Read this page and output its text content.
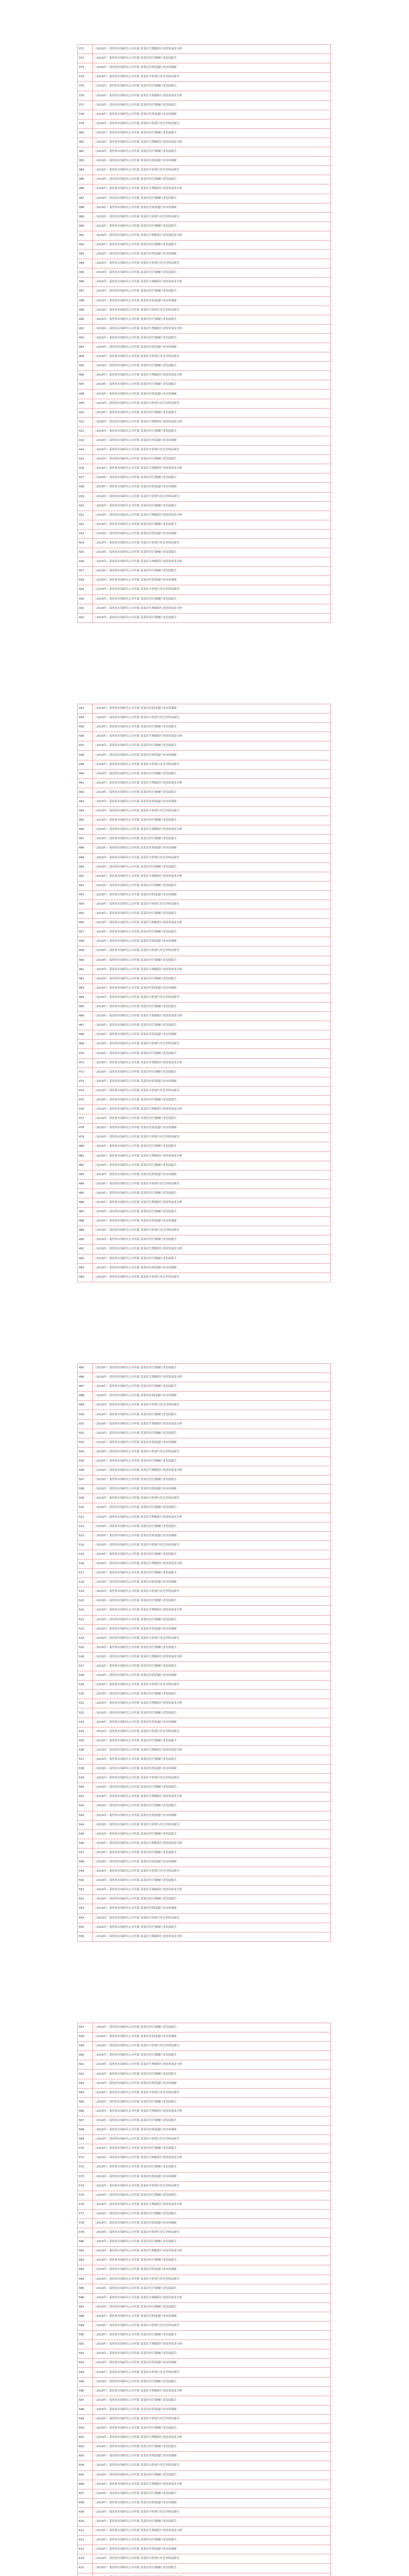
371	（2019年）某医药市场研究公司年报 某某区生物制药行业投资前景分析
372	（2019年）某医药市场研究公司年报 某某区医疗器械行业发展报告
373	（2019年）某医药市场研究公司年报 某某区医药流通行业市场调研
374	（2019年）某医药市场研究公司年报 某某区中药材行业竞争格局研究
375	（2019年）某医药市场研究公司年报 某某区医疗器械行业发展报告
376	（2019年）某医药市场研究公司年报 某某区生物制药行业投资前景分析
377	（2019年）某医药市场研究公司年报 某某区医疗器械行业发展报告
378	（2019年）某医药市场研究公司年报 某某区医药流通行业市场调研
379	（2019年）某医药市场研究公司年报 某某区中药材行业竞争格局研究
380	（2019年）某医药市场研究公司年报 某某区医疗器械行业发展报告
381	（2019年）某医药市场研究公司年报 某某区生物制药行业投资前景分析
382	（2019年）某医药市场研究公司年报 某某区医疗器械行业发展报告
383	（2019年）某医药市场研究公司年报 某某区医药流通行业市场调研
384	（2019年）某医药市场研究公司年报 某某区中药材行业竞争格局研究
385	（2019年）某医药市场研究公司年报 某某区医疗器械行业发展报告
386	（2019年）某医药市场研究公司年报 某某区生物制药行业投资前景分析
387	（2019年）某医药市场研究公司年报 某某区医疗器械行业发展报告
388	（2019年）某医药市场研究公司年报 某某区医药流通行业市场调研
389	（2019年）某医药市场研究公司年报 某某区中药材行业竞争格局研究
390	（2019年）某医药市场研究公司年报 某某区医疗器械行业发展报告
391	（2019年）某医药市场研究公司年报 某某区生物制药行业投资前景分析
392	（2019年）某医药市场研究公司年报 某某区医疗器械行业发展报告
393	（2019年）某医药市场研究公司年报 某某区医药流通行业市场调研
394	（2019年）某医药市场研究公司年报 某某区中药材行业竞争格局研究
395	（2019年）某医药市场研究公司年报 某某区医疗器械行业发展报告
396	（2019年）某医药市场研究公司年报 某某区生物制药行业投资前景分析
397	（2019年）某医药市场研究公司年报 某某区医疗器械行业发展报告
398	（2019年）某医药市场研究公司年报 某某区医药流通行业市场调研
399	（2019年）某医药市场研究公司年报 某某区中药材行业竞争格局研究
400	（2019年）某医药市场研究公司年报 某某区医疗器械行业发展报告
401	（2019年）某医药市场研究公司年报 某某区生物制药行业投资前景分析
402	（2019年）某医药市场研究公司年报 某某区医疗器械行业发展报告
403	（2019年）某医药市场研究公司年报 某某区医药流通行业市场调研
404	（2019年）某医药市场研究公司年报 某某区中药材行业竞争格局研究
405	（2019年）某医药市场研究公司年报 某某区医疗器械行业发展报告
406	（2019年）某医药市场研究公司年报 某某区生物制药行业投资前景分析
407	（2019年）某医药市场研究公司年报 某某区医疗器械行业发展报告
408	（2019年）某医药市场研究公司年报 某某区医药流通行业市场调研
409	（2019年）某医药市场研究公司年报 某某区中药材行业竞争格局研究
410	（2019年）某医药市场研究公司年报 某某区医疗器械行业发展报告
411	（2019年）某医药市场研究公司年报 某某区生物制药行业投资前景分析
412	（2019年）某医药市场研究公司年报 某某区医疗器械行业发展报告
413	（2019年）某医药市场研究公司年报 某某区医药流通行业市场调研
414	（2019年）某医药市场研究公司年报 某某区中药材行业竞争格局研究
415	（2019年）某医药市场研究公司年报 某某区医疗器械行业发展报告
416	（2019年）某医药市场研究公司年报 某某区生物制药行业投资前景分析
417	（2019年）某医药市场研究公司年报 某某区医疗器械行业发展报告
418	（2019年）某医药市场研究公司年报 某某区医药流通行业市场调研
419	（2019年）某医药市场研究公司年报 某某区中药材行业竞争格局研究
420	（2019年）某医药市场研究公司年报 某某区医疗器械行业发展报告
421	（2019年）某医药市场研究公司年报 某某区生物制药行业投资前景分析
422	（2019年）某医药市场研究公司年报 某某区医疗器械行业发展报告
423	（2019年）某医药市场研究公司年报 某某区医药流通行业市场调研
424	（2019年）某医药市场研究公司年报 某某区中药材行业竞争格局研究
425	（2019年）某医药市场研究公司年报 某某区医疗器械行业发展报告
426	（2019年）某医药市场研究公司年报 某某区生物制药行业投资前景分析
427	（2019年）某医药市场研究公司年报 某某区医疗器械行业发展报告
428	（2019年）某医药市场研究公司年报 某某区医药流通行业市场调研
429	（2019年）某医药市场研究公司年报 某某区中药材行业竞争格局研究
430	（2019年）某医药市场研究公司年报 某某区医疗器械行业发展报告
431	（2019年）某医药市场研究公司年报 某某区生物制药行业投资前景分析
432	（2019年）某医药市场研究公司年报 某某区医疗器械行业发展报告
433	（2019年）某医药市场研究公司年报 某某区医药流通行业市场调研
434	（2019年）某医药市场研究公司年报 某某区中药材行业竞争格局研究
435	（2019年）某医药市场研究公司年报 某某区医疗器械行业发展报告
436	（2019年）某医药市场研究公司年报 某某区生物制药行业投资前景分析
437	（2019年）某医药市场研究公司年报 某某区医疗器械行业发展报告
438	（2019年）某医药市场研究公司年报 某某区医药流通行业市场调研
439	（2019年）某医药市场研究公司年报 某某区中药材行业竞争格局研究
440	（2019年）某医药市场研究公司年报 某某区医疗器械行业发展报告
441	（2019年）某医药市场研究公司年报 某某区生物制药行业投资前景分析
442	（2019年）某医药市场研究公司年报 某某区医疗器械行业发展报告
443	（2019年）某医药市场研究公司年报 某某区医药流通行业市场调研
444	（2019年）某医药市场研究公司年报 某某区中药材行业竞争格局研究
445	（2019年）某医药市场研究公司年报 某某区医疗器械行业发展报告
446	（2019年）某医药市场研究公司年报 某某区生物制药行业投资前景分析
447	（2019年）某医药市场研究公司年报 某某区医疗器械行业发展报告
448	（2019年）某医药市场研究公司年报 某某区医药流通行业市场调研
449	（2019年）某医药市场研究公司年报 某某区中药材行业竞争格局研究
450	（2019年）某医药市场研究公司年报 某某区医疗器械行业发展报告
451	（2019年）某医药市场研究公司年报 某某区生物制药行业投资前景分析
452	（2019年）某医药市场研究公司年报 某某区医疗器械行业发展报告
453	（2019年）某医药市场研究公司年报 某某区医药流通行业市场调研
454	（2019年）某医药市场研究公司年报 某某区中药材行业竞争格局研究
455	（2019年）某医药市场研究公司年报 某某区医疗器械行业发展报告
456	（2019年）某医药市场研究公司年报 某某区生物制药行业投资前景分析
457	（2019年）某医药市场研究公司年报 某某区医疗器械行业发展报告
458	（2019年）某医药市场研究公司年报 某某区医药流通行业市场调研
459	（2019年）某医药市场研究公司年报 某某区中药材行业竞争格局研究
460	（2019年）某医药市场研究公司年报 某某区医疗器械行业发展报告
461	（2019年）某医药市场研究公司年报 某某区生物制药行业投资前景分析
462	（2019年）某医药市场研究公司年报 某某区医疗器械行业发展报告
463	（2019年）某医药市场研究公司年报 某某区医药流通行业市场调研
464	（2019年）某医药市场研究公司年报 某某区中药材行业竞争格局研究
465	（2019年）某医药市场研究公司年报 某某区医疗器械行业发展报告
466	（2019年）某医药市场研究公司年报 某某区生物制药行业投资前景分析
467	（2019年）某医药市场研究公司年报 某某区医疗器械行业发展报告
468	（2019年）某医药市场研究公司年报 某某区医药流通行业市场调研
469	（2019年）某医药市场研究公司年报 某某区中药材行业竞争格局研究
470	（2019年）某医药市场研究公司年报 某某区医疗器械行业发展报告
471	（2019年）某医药市场研究公司年报 某某区生物制药行业投资前景分析
472	（2019年）某医药市场研究公司年报 某某区医疗器械行业发展报告
473	（2019年）某医药市场研究公司年报 某某区医药流通行业市场调研
474	（2019年）某医药市场研究公司年报 某某区中药材行业竞争格局研究
475	（2019年）某医药市场研究公司年报 某某区医疗器械行业发展报告
476	（2019年）某医药市场研究公司年报 某某区生物制药行业投资前景分析
477	（2019年）某医药市场研究公司年报 某某区医疗器械行业发展报告
478	（2019年）某医药市场研究公司年报 某某区医药流通行业市场调研
479	（2019年）某医药市场研究公司年报 某某区中药材行业竞争格局研究
480	（2019年）某医药市场研究公司年报 某某区医疗器械行业发展报告
481	（2019年）某医药市场研究公司年报 某某区生物制药行业投资前景分析
482	（2019年）某医药市场研究公司年报 某某区医疗器械行业发展报告
483	（2019年）某医药市场研究公司年报 某某区医药流通行业市场调研
484	（2019年）某医药市场研究公司年报 某某区中药材行业竞争格局研究
485	（2019年）某医药市场研究公司年报 某某区医疗器械行业发展报告
486	（2019年）某医药市场研究公司年报 某某区生物制药行业投资前景分析
487	（2019年）某医药市场研究公司年报 某某区医疗器械行业发展报告
488	（2019年）某医药市场研究公司年报 某某区医药流通行业市场调研
489	（2019年）某医药市场研究公司年报 某某区中药材行业竞争格局研究
490	（2019年）某医药市场研究公司年报 某某区医疗器械行业发展报告
491	（2019年）某医药市场研究公司年报 某某区生物制药行业投资前景分析
492	（2019年）某医药市场研究公司年报 某某区医疗器械行业发展报告
493	（2019年）某医药市场研究公司年报 某某区医药流通行业市场调研
494	（2019年）某医药市场研究公司年报 某某区中药材行业竞争格局研究
495	（2019年）某医药市场研究公司年报 某某区医疗器械行业发展报告
496	（2019年）某医药市场研究公司年报 某某区生物制药行业投资前景分析
497	（2019年）某医药市场研究公司年报 某某区医疗器械行业发展报告
498	（2019年）某医药市场研究公司年报 某某区医药流通行业市场调研
499	（2019年）某医药市场研究公司年报 某某区中药材行业竞争格局研究
500	（2019年）某医药市场研究公司年报 某某区医疗器械行业发展报告
501	（2019年）某医药市场研究公司年报 某某区生物制药行业投资前景分析
502	（2019年）某医药市场研究公司年报 某某区医疗器械行业发展报告
503	（2019年）某医药市场研究公司年报 某某区医药流通行业市场调研
504	（2019年）某医药市场研究公司年报 某某区中药材行业竞争格局研究
505	（2019年）某医药市场研究公司年报 某某区医疗器械行业发展报告
506	（2019年）某医药市场研究公司年报 某某区生物制药行业投资前景分析
507	（2019年）某医药市场研究公司年报 某某区医疗器械行业发展报告
508	（2019年）某医药市场研究公司年报 某某区医药流通行业市场调研
509	（2019年）某医药市场研究公司年报 某某区中药材行业竞争格局研究
510	（2019年）某医药市场研究公司年报 某某区医疗器械行业发展报告
511	（2019年）某医药市场研究公司年报 某某区生物制药行业投资前景分析
512	（2019年）某医药市场研究公司年报 某某区医疗器械行业发展报告
513	（2019年）某医药市场研究公司年报 某某区医药流通行业市场调研
514	（2019年）某医药市场研究公司年报 某某区中药材行业竞争格局研究
515	（2019年）某医药市场研究公司年报 某某区医疗器械行业发展报告
516	（2019年）某医药市场研究公司年报 某某区生物制药行业投资前景分析
517	（2019年）某医药市场研究公司年报 某某区医疗器械行业发展报告
518	（2019年）某医药市场研究公司年报 某某区医药流通行业市场调研
519	（2019年）某医药市场研究公司年报 某某区中药材行业竞争格局研究
520	（2019年）某医药市场研究公司年报 某某区医疗器械行业发展报告
521	（2019年）某医药市场研究公司年报 某某区生物制药行业投资前景分析
522	（2019年）某医药市场研究公司年报 某某区医疗器械行业发展报告
523	（2019年）某医药市场研究公司年报 某某区医药流通行业市场调研
524	（2019年）某医药市场研究公司年报 某某区中药材行业竞争格局研究
525	（2019年）某医药市场研究公司年报 某某区医疗器械行业发展报告
526	（2019年）某医药市场研究公司年报 某某区生物制药行业投资前景分析
527	（2019年）某医药市场研究公司年报 某某区医疗器械行业发展报告
528	（2019年）某医药市场研究公司年报 某某区医药流通行业市场调研
529	（2019年）某医药市场研究公司年报 某某区中药材行业竞争格局研究
530	（2019年）某医药市场研究公司年报 某某区医疗器械行业发展报告
531	（2019年）某医药市场研究公司年报 某某区生物制药行业投资前景分析
532	（2019年）某医药市场研究公司年报 某某区医疗器械行业发展报告
533	（2019年）某医药市场研究公司年报 某某区医药流通行业市场调研
534	（2019年）某医药市场研究公司年报 某某区中药材行业竞争格局研究
535	（2019年）某医药市场研究公司年报 某某区医疗器械行业发展报告
536	（2019年）某医药市场研究公司年报 某某区生物制药行业投资前景分析
537	（2019年）某医药市场研究公司年报 某某区医疗器械行业发展报告
538	（2019年）某医药市场研究公司年报 某某区医药流通行业市场调研
539	（2019年）某医药市场研究公司年报 某某区中药材行业竞争格局研究
540	（2019年）某医药市场研究公司年报 某某区医疗器械行业发展报告
541	（2019年）某医药市场研究公司年报 某某区生物制药行业投资前景分析
542	（2019年）某医药市场研究公司年报 某某区医疗器械行业发展报告
543	（2019年）某医药市场研究公司年报 某某区医药流通行业市场调研
544	（2019年）某医药市场研究公司年报 某某区中药材行业竞争格局研究
545	（2019年）某医药市场研究公司年报 某某区医疗器械行业发展报告
546	（2019年）某医药市场研究公司年报 某某区生物制药行业投资前景分析
547	（2019年）某医药市场研究公司年报 某某区医疗器械行业发展报告
548	（2019年）某医药市场研究公司年报 某某区医药流通行业市场调研
549	（2019年）某医药市场研究公司年报 某某区中药材行业竞争格局研究
550	（2019年）某医药市场研究公司年报 某某区医疗器械行业发展报告
551	（2019年）某医药市场研究公司年报 某某区生物制药行业投资前景分析
552	（2019年）某医药市场研究公司年报 某某区医疗器械行业发展报告
553	（2019年）某医药市场研究公司年报 某某区医药流通行业市场调研
554	（2019年）某医药市场研究公司年报 某某区中药材行业竞争格局研究
555	（2019年）某医药市场研究公司年报 某某区医疗器械行业发展报告
556	（2019年）某医药市场研究公司年报 某某区生物制药行业投资前景分析
557	（2019年）某医药市场研究公司年报 某某区医疗器械行业发展报告
558	（2019年）某医药市场研究公司年报 某某区医药流通行业市场调研
559	（2019年）某医药市场研究公司年报 某某区中药材行业竞争格局研究
560	（2019年）某医药市场研究公司年报 某某区医疗器械行业发展报告
561	（2019年）某医药市场研究公司年报 某某区生物制药行业投资前景分析
562	（2019年）某医药市场研究公司年报 某某区医疗器械行业发展报告
563	（2019年）某医药市场研究公司年报 某某区医药流通行业市场调研
564	（2019年）某医药市场研究公司年报 某某区中药材行业竞争格局研究
565	（2019年）某医药市场研究公司年报 某某区医疗器械行业发展报告
566	（2019年）某医药市场研究公司年报 某某区生物制药行业投资前景分析
567	（2019年）某医药市场研究公司年报 某某区医疗器械行业发展报告
568	（2019年）某医药市场研究公司年报 某某区医药流通行业市场调研
569	（2019年）某医药市场研究公司年报 某某区中药材行业竞争格局研究
570	（2019年）某医药市场研究公司年报 某某区医疗器械行业发展报告
571	（2019年）某医药市场研究公司年报 某某区生物制药行业投资前景分析
572	（2019年）某医药市场研究公司年报 某某区医疗器械行业发展报告
573	（2019年）某医药市场研究公司年报 某某区医药流通行业市场调研
574	（2019年）某医药市场研究公司年报 某某区中药材行业竞争格局研究
575	（2019年）某医药市场研究公司年报 某某区医疗器械行业发展报告
576	（2019年）某医药市场研究公司年报 某某区生物制药行业投资前景分析
577	（2019年）某医药市场研究公司年报 某某区医疗器械行业发展报告
578	（2019年）某医药市场研究公司年报 某某区医药流通行业市场调研
579	（2019年）某医药市场研究公司年报 某某区中药材行业竞争格局研究
580	（2019年）某医药市场研究公司年报 某某区医疗器械行业发展报告
581	（2019年）某医药市场研究公司年报 某某区生物制药行业投资前景分析
582	（2019年）某医药市场研究公司年报 某某区医疗器械行业发展报告
583	（2019年）某医药市场研究公司年报 某某区医药流通行业市场调研
584	（2019年）某医药市场研究公司年报 某某区中药材行业竞争格局研究
585	（2019年）某医药市场研究公司年报 某某区医疗器械行业发展报告
586	（2019年）某医药市场研究公司年报 某某区生物制药行业投资前景分析
587	（2019年）某医药市场研究公司年报 某某区医疗器械行业发展报告
588	（2019年）某医药市场研究公司年报 某某区医药流通行业市场调研
589	（2019年）某医药市场研究公司年报 某某区中药材行业竞争格局研究
590	（2019年）某医药市场研究公司年报 某某区医疗器械行业发展报告
591	（2019年）某医药市场研究公司年报 某某区生物制药行业投资前景分析
592	（2019年）某医药市场研究公司年报 某某区医疗器械行业发展报告
593	（2019年）某医药市场研究公司年报 某某区医药流通行业市场调研
594	（2019年）某医药市场研究公司年报 某某区中药材行业竞争格局研究
595	（2019年）某医药市场研究公司年报 某某区医疗器械行业发展报告
596	（2019年）某医药市场研究公司年报 某某区生物制药行业投资前景分析
597	（2019年）某医药市场研究公司年报 某某区医疗器械行业发展报告
598	（2019年）某医药市场研究公司年报 某某区医药流通行业市场调研
599	（2019年）某医药市场研究公司年报 某某区中药材行业竞争格局研究
600	（2019年）某医药市场研究公司年报 某某区医疗器械行业发展报告
601	（2019年）某医药市场研究公司年报 某某区生物制药行业投资前景分析
602	（2019年）某医药市场研究公司年报 某某区医疗器械行业发展报告
603	（2019年）某医药市场研究公司年报 某某区医药流通行业市场调研
604	（2019年）某医药市场研究公司年报 某某区中药材行业竞争格局研究
605	（2019年）某医药市场研究公司年报 某某区医疗器械行业发展报告
606	（2019年）某医药市场研究公司年报 某某区生物制药行业投资前景分析
607	（2019年）某医药市场研究公司年报 某某区医疗器械行业发展报告
608	（2019年）某医药市场研究公司年报 某某区医药流通行业市场调研
609	（2019年）某医药市场研究公司年报 某某区中药材行业竞争格局研究
610	（2019年）某医药市场研究公司年报 某某区医疗器械行业发展报告
611	（2019年）某医药市场研究公司年报 某某区生物制药行业投资前景分析
612	（2019年）某医药市场研究公司年报 某某区医疗器械行业发展报告
613	（2019年）某医药市场研究公司年报 某某区医药流通行业市场调研
614	（2019年）某医药市场研究公司年报 某某区中药材行业竞争格局研究
615	（2019年）某医药市场研究公司年报 某某区医疗器械行业发展报告
